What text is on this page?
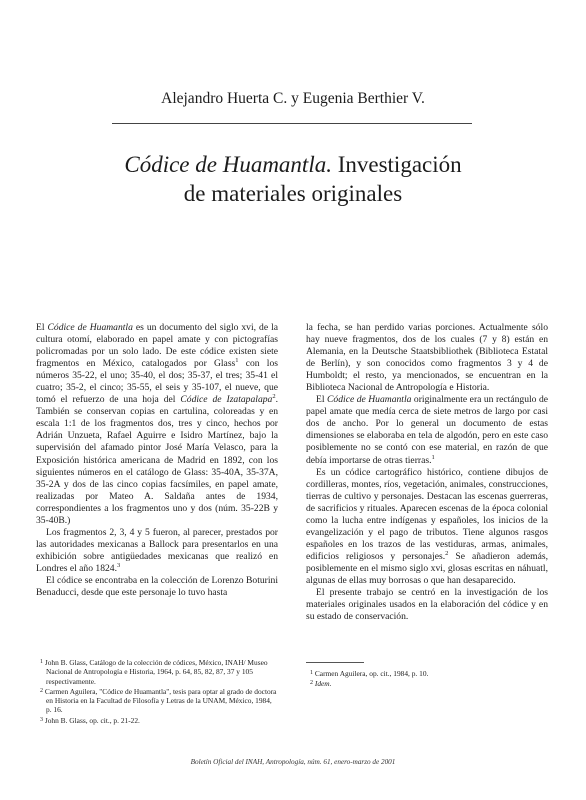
Alejandro Huerta C. y Eugenia Berthier V.
Códice de Huamantla. Investigación
de materiales originales

El Códice de Huamantla es un documento del siglo xvi, de la cultura otomí, elaborado en papel amate y con pictografías policromadas por un solo lado. De este códice existen siete fragmentos en México, catalogados por Glass$^1$ con los números 35-22, el uno; 35-40, el dos; 35-37, el tres; 35-41 el cuatro; 35-2, el cinco; 35-55, el seis y 35-107, el nueve, que tomó el refuerzo de una hoja del Códice de Izatapalapa$^2$. También se conservan copias en cartulina, coloreadas y en escala 1:1 de los fragmentos dos, tres y cinco, hechos por Adrián Unzueta, Rafael Aguirre e Isidro Martínez, bajo la supervisión del afamado pintor José María Velasco, para la Exposición histórica americana de Madrid en 1892, con los siguientes números en el catálogo de Glass: 35-40A, 35-37A, 35-2A y dos de las cinco copias facsímiles, en papel amate, realizadas por Mateo A. Saldaña antes de 1934, correspondientes a los fragmentos uno y dos (núm. 35-22B y 35-40B.)

Los fragmentos 2, 3, 4 y 5 fueron, al parecer, prestados por las autoridades mexicanas a Ballock para presentarlos en una exhibición sobre antigüedades mexicanas que realizó en Londres el año 1824.$^3$

El códice se encontraba en la colección de Lorenzo Boturini Benaducci, desde que este personaje lo tuvo hasta

la fecha, se han perdido varias porciones. Actualmente sólo hay nueve fragmentos, dos de los cuales (7 y 8) están en Alemania, en la Deutsche Staatsbibliothek (Biblioteca Estatal de Berlín), y son conocidos como fragmentos 3 y 4 de Humboldt; el resto, ya mencionados, se encuentran en la Biblioteca Nacional de Antropología e Historia.

El Códice de Huamantla originalmente era un rectángulo de papel amate que medía cerca de siete metros de largo por casi dos de ancho. Por lo general un documento de estas dimensiones se elaboraba en tela de algodón, pero en este caso posiblemente no se contó con ese material, en razón de que debía importarse de otras tierras.$^1$

Es un códice cartográfico histórico, contiene dibujos de cordilleras, montes, ríos, vegetación, animales, construcciones, tierras de cultivo y personajes. Destacan las escenas guerreras, de sacrificios y rituales. Aparecen escenas de la época colonial como la lucha entre indígenas y españoles, los inicios de la evangelización y el pago de tributos. Tiene algunos rasgos españoles en los trazos de las vestiduras, armas, animales, edificios religiosos y personajes.$^2$ Se añadieron además, posiblemente en el mismo siglo xvi, glosas escritas en náhuatl, algunas de ellas muy borrosas o que han desaparecido.

El presente trabajo se centró en la investigación de los materiales originales usados en la elaboración del códice y en su estado de conservación.

$^1$ John B. Glass, Catálogo de la colección de códices, México, INAH/ Museo Nacional de Antropología e Historia, 1964, p. 64, 85, 82, 87, 37 y 105 respectivamente.
$^2$ Carmen Aguilera, "Códice de Huamantla", tesis para optar al grado de doctora en Historia en la Facultad de Filosofía y Letras de la UNAM, México, 1984, p. 16.
$^3$ John B. Glass, op. cit., p. 21-22.
$^1$ Carmen Aguilera, op. cit., 1984, p. 10.
$^2$ Idem.
Boletín Oficial del INAH, Antropología, núm. 61, enero-marzo de 2001
